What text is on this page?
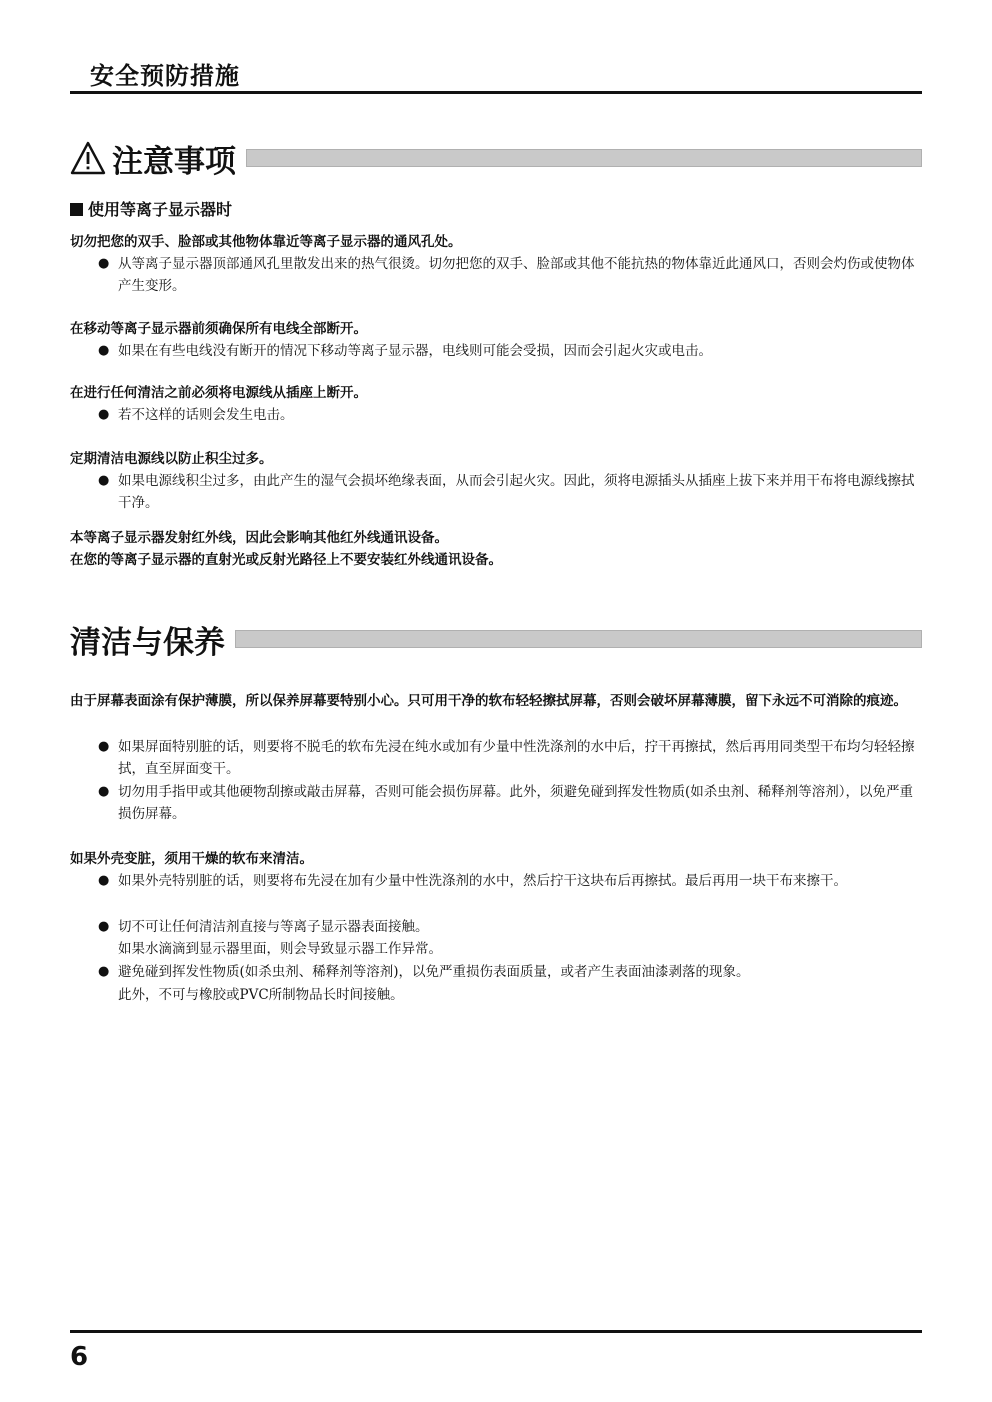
安全预防措施
注意事项
使用等离子显示器时
切勿把您的双手、脸部或其他物体靠近等离子显示器的通风孔处。
● 从等离子显示器顶部通风孔里散发出来的热气很烫。切勿把您的双手、脸部或其他不能抗热的物体靠近此通风口，否则会灼伤或使物体产生变形。
在移动等离子显示器前须确保所有电线全部断开。
● 如果在有些电线没有断开的情况下移动等离子显示器，电线则可能会受损，因而会引起火灾或电击。
在进行任何清洁之前必须将电源线从插座上断开。
● 若不这样的话则会发生电击。
定期清洁电源线以防止积尘过多。
● 如果电源线积尘过多，由此产生的湿气会损坏绝缘表面，从而会引起火灾。因此，须将电源插头从插座上拔下来并用干布将电源线擦拭干净。
本等离子显示器发射红外线，因此会影响其他红外线通讯设备。
在您的等离子显示器的直射光或反射光路径上不要安装红外线通讯设备。
清洁与保养
由于屏幕表面涂有保护薄膜，所以保养屏幕要特别小心。只可用干净的软布轻轻擦拭屏幕，否则会破坏屏幕薄膜，留下永远不可消除的痕迹。
● 如果屏面特别脏的话，则要将不脱毛的软布先浸在纯水或加有少量中性洗涤剂的水中后，拧干再擦拭，然后再用同类型干布均匀轻轻擦拭，直至屏面变干。
● 切勿用手指甲或其他硬物刮擦或敲击屏幕，否则可能会损伤屏幕。此外，须避免碰到挥发性物质(如杀虫剂、稀释剂等溶剂），以免严重损伤屏幕。
如果外壳变脏，须用干燥的软布来清洁。
● 如果外壳特别脏的话，则要将布先浸在加有少量中性洗涤剂的水中，然后拧干这块布后再擦拭。最后再用一块干布来擦干。
● 切不可让任何清洁剂直接与等离子显示器表面接触。
如果水滴滴到显示器里面，则会导致显示器工作异常。
● 避免碰到挥发性物质(如杀虫剂、稀释剂等溶剂)，以免严重损伤表面质量，或者产生表面油漆剥落的现象。
此外，不可与橡胶或PVC所制物品长时间接触。
6
